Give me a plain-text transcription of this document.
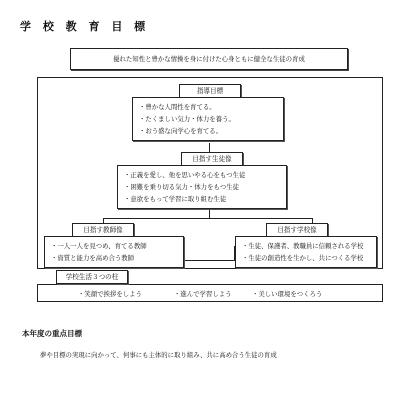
学 校 教 育 目 標
優れた知性と豊かな情操を身に付けた心身ともに健全な生徒の育成
指導目標
・豊かな人間性を育てる。
・たくましい気力・体力を養う。
・おう盛な向学心を育てる。
目指す生徒像
・正義を愛し、他を思いやる心をもつ生徒
・困難を乗り切る気力・体力をもつ生徒
・意欲をもって学習に取り組む生徒
目指す教師像
・一人一人を見つめ、育てる教師
・資質と能力を高め合う教師
目指す学校像
・生徒、保護者、教職員に信頼される学校
・生徒の創造性を生かし、共につくる学校
・笑顔で挨拶をしよう	・進んで学習しよう	・美しい環境をつくろう
学校生活３つの柱
本年度の重点目標
夢や目標の実現に向かって、何事にも主体的に取り組み、共に高め合う生徒の育成
